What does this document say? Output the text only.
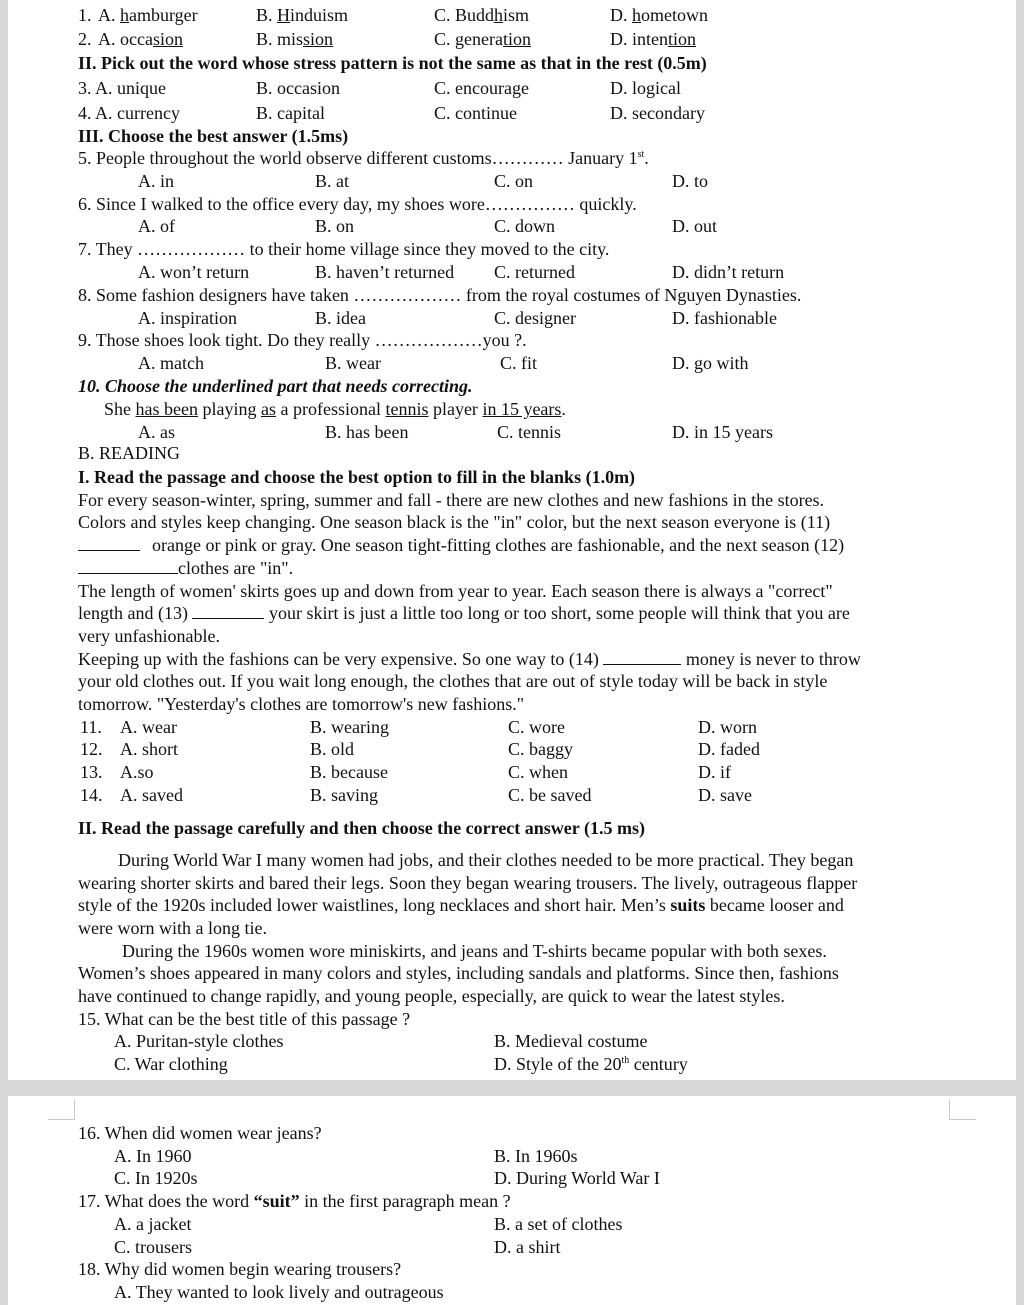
1. A. hamburger	B. Hinduism	C. Buddhism	D. hometown
2. A. occasion	B. mission	C. generation	D. intention
II. Pick out the word whose stress pattern is not the same as that in the rest (0.5m)
3. A. unique	B. occasion	C. encourage	D. logical
4. A. currency	B. capital	C. continue	D. secondary
III. Choose the best answer (1.5ms)
5. People throughout the world observe different customs………… January 1st.
A. in	B. at	C. on	D. to
6. Since I walked to the office every day, my shoes wore…………… quickly.
A. of	B. on	C. down	D. out
7. They ……………… to their home village since they moved to the city.
A. won’t return	B. haven’t returned C. returned	D. didn’t return
8. Some fashion designers have taken ……………… from the royal costumes of Nguyen Dynasties.
A. inspiration	B. idea	C. designer	D. fashionable
9. Those shoes look tight. Do they really ………………you ?.
A. match	B. wear	C. fit	D. go with
10. Choose the underlined part that needs correcting.
She has been playing as a professional tennis player in 15 years.
A. as	B. has been	C. tennis	D. in 15 years
B. READING
I. Read the passage and choose the best option to fill in the blanks (1.0m)
For every season-winter, spring, summer and fall - there are new clothes and new fashions in the stores.
Colors and styles keep changing. One season black is the "in" color, but the next season everyone is (11)
orange or pink or gray. One season tight-fitting clothes are fashionable, and the next season (12)
clothes are "in".
The length of women' skirts goes up and down from year to year. Each season there is always a "correct"
length and (13)	your skirt is just a little too long or too short, some people will think that you are
very unfashionable.
Keeping up with the fashions can be very expensive. So one way to (14)	money is never to throw
your old clothes out. If you wait long enough, the clothes that are out of style today will be back in style
tomorrow. "Yesterday's clothes are tomorrow's new fashions."
11. A. wear	B. wearing	C. wore	D. worn
12. A. short	B. old	C. baggy	D. faded
13. A.so	B. because	C. when	D. if
14. A. saved	B. saving	C. be saved	D. save
II. Read the passage carefully and then choose the correct answer (1.5 ms)
During World War I many women had jobs, and their clothes needed to be more practical. They began
wearing shorter skirts and bared their legs. Soon they began wearing trousers. The lively, outrageous flapper
style of the 1920s included lower waistlines, long necklaces and short hair. Men’s suits became looser and
were worn with a long tie.
During the 1960s women wore miniskirts, and jeans and T-shirts became popular with both sexes.
Women’s shoes appeared in many colors and styles, including sandals and platforms. Since then, fashions
have continued to change rapidly, and young people, especially, are quick to wear the latest styles.
15. What can be the best title of this passage ?
A. Puritan-style clothes	B. Medieval costume
C. War clothing	D. Style of the 20th century
16. When did women wear jeans?
A. In 1960	B. In 1960s
C. In 1920s	D. During World War I
17. What does the word “suit” in the first paragraph mean ?
A. a jacket	B. a set of clothes
C. trousers	D. a shirt
18. Why did women begin wearing trousers?
A. They wanted to look lively and outrageous
